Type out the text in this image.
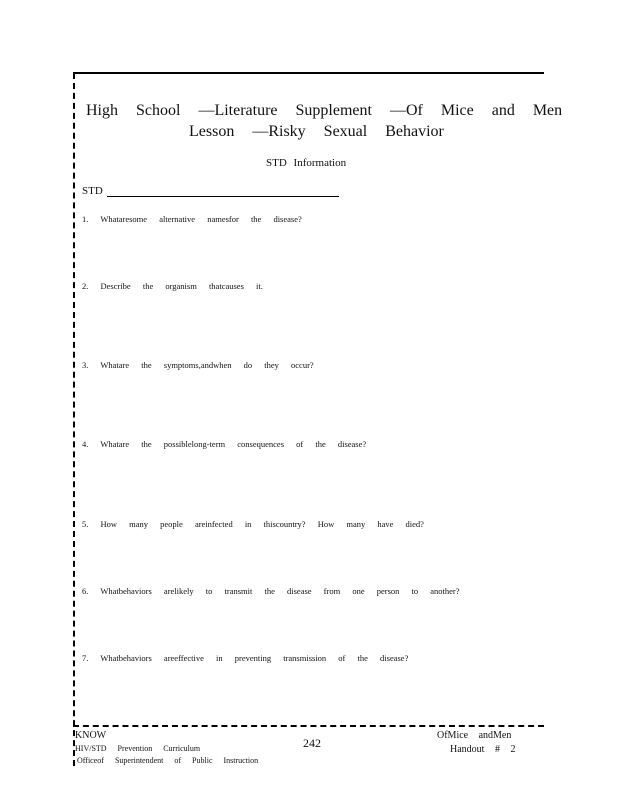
High School —Literature Supplement —Of Mice and Men
Lesson —Risky Sexual Behavior
STD Information
STD
1. Whataresome alternative namesfor the disease?
2. Describe the organism thatcauses it.
3. Whatare the symptoms,andwhen do they occur?
4. Whatare the possiblelong-term consequences of the disease?
5. How many people areinfected in thiscountry? How many have died?
6. Whatbehaviors arelikely to transmit the disease from one person to another?
7. Whatbehaviors areeffective in preventing transmission of the disease?
KNOW
HIV/STD Prevention Curriculum
Officeof Superintendent of Public Instruction
242
OfMice andMen
Handout # 2
